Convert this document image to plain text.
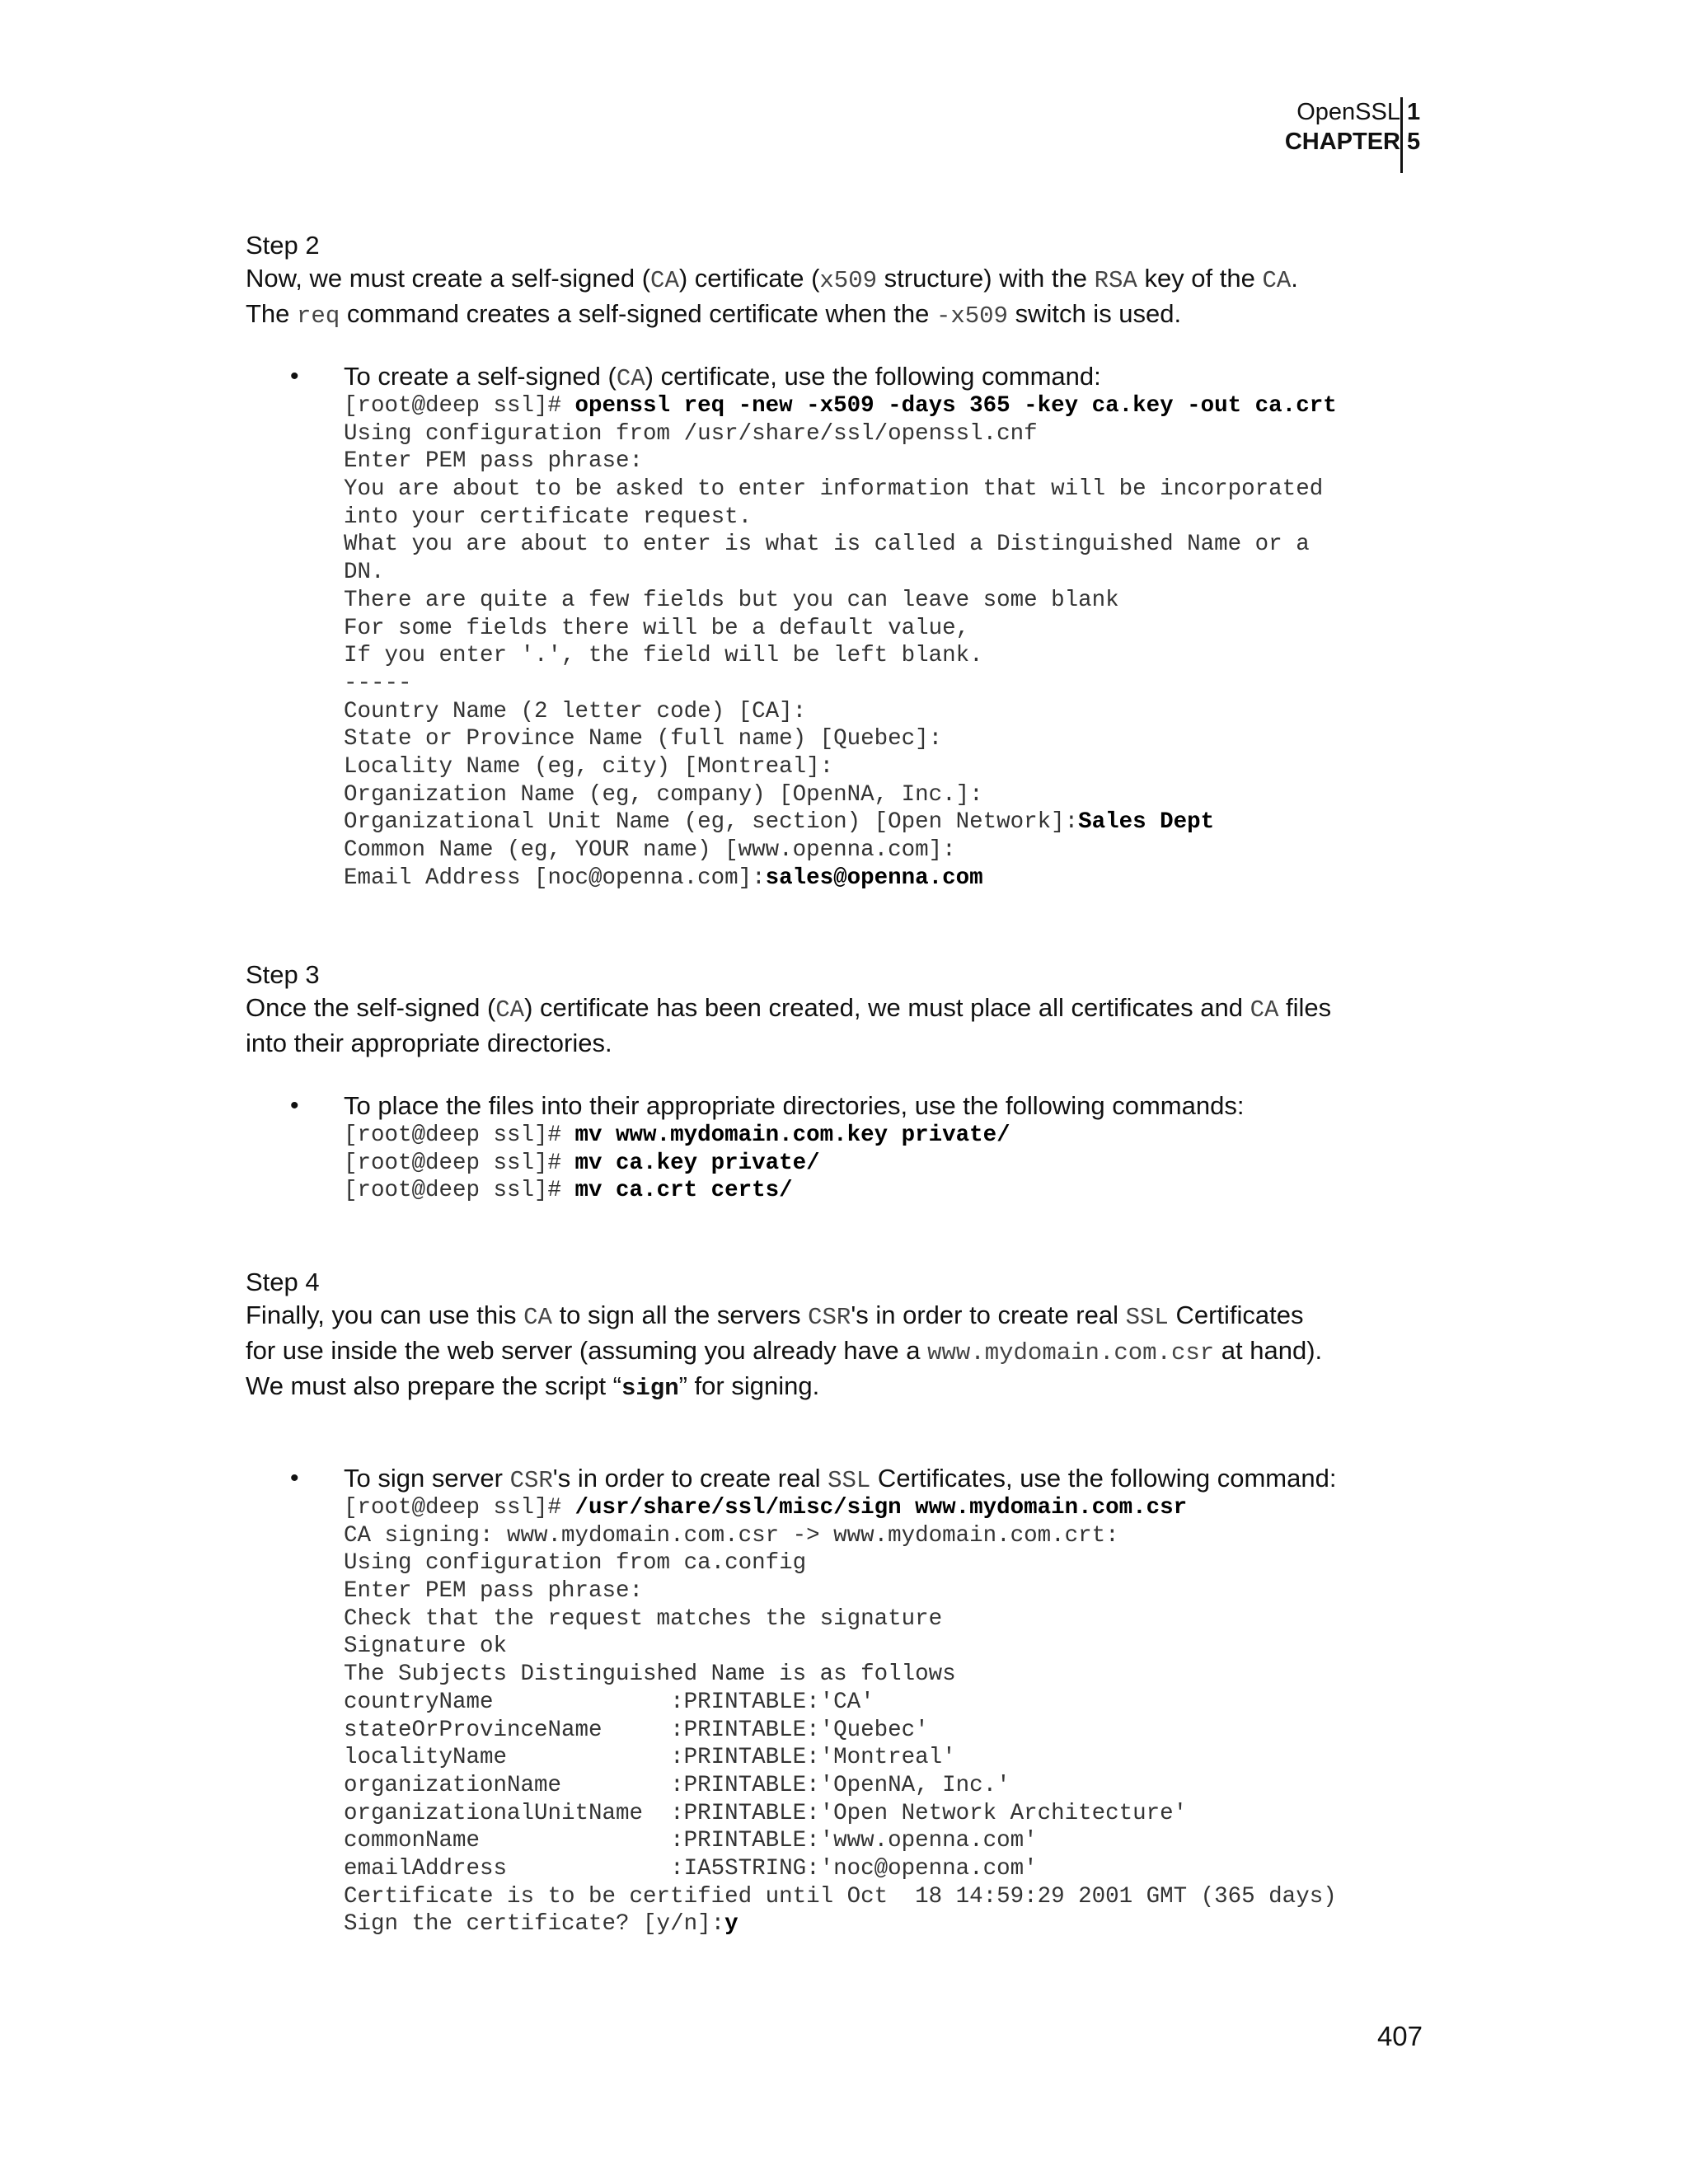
OpenSSL
CHAPTER
1
5
Step 2
Now, we must create a self-signed (CA) certificate (x509 structure) with the RSA key of the CA.
The req command creates a self-signed certificate when the -x509 switch is used.
• To create a self-signed (CA) certificate, use the following command:
[root@deep ssl]# openssl req -new -x509 -days 365 -key ca.key -out ca.crt
Using configuration from /usr/share/ssl/openssl.cnf
Enter PEM pass phrase:
You are about to be asked to enter information that will be incorporated
into your certificate request.
What you are about to enter is what is called a Distinguished Name or a
DN.
There are quite a few fields but you can leave some blank
For some fields there will be a default value,
If you enter '.', the field will be left blank.
-----
Country Name (2 letter code) [CA]:
State or Province Name (full name) [Quebec]:
Locality Name (eg, city) [Montreal]:
Organization Name (eg, company) [OpenNA, Inc.]:
Organizational Unit Name (eg, section) [Open Network]:Sales Dept
Common Name (eg, YOUR name) [www.openna.com]:
Email Address [noc@openna.com]:sales@openna.com
Step 3
Once the self-signed (CA) certificate has been created, we must place all certificates and CA files
into their appropriate directories.
• To place the files into their appropriate directories, use the following commands:
[root@deep ssl]# mv www.mydomain.com.key private/
[root@deep ssl]# mv ca.key private/
[root@deep ssl]# mv ca.crt certs/
Step 4
Finally, you can use this CA to sign all the servers CSR's in order to create real SSL Certificates
for use inside the web server (assuming you already have a www.mydomain.com.csr at hand).
We must also prepare the script “sign” for signing.
• To sign server CSR's in order to create real SSL Certificates, use the following command:
[root@deep ssl]# /usr/share/ssl/misc/sign www.mydomain.com.csr
CA signing: www.mydomain.com.csr -> www.mydomain.com.crt:
Using configuration from ca.config
Enter PEM pass phrase:
Check that the request matches the signature
Signature ok
The Subjects Distinguished Name is as follows
countryName             :PRINTABLE:'CA'
stateOrProvinceName     :PRINTABLE:'Quebec'
localityName            :PRINTABLE:'Montreal'
organizationName        :PRINTABLE:'OpenNA, Inc.'
organizationalUnitName  :PRINTABLE:'Open Network Architecture'
commonName              :PRINTABLE:'www.openna.com'
emailAddress            :IA5STRING:'noc@openna.com'
Certificate is to be certified until Oct  18 14:59:29 2001 GMT (365 days)
Sign the certificate? [y/n]:y
407
